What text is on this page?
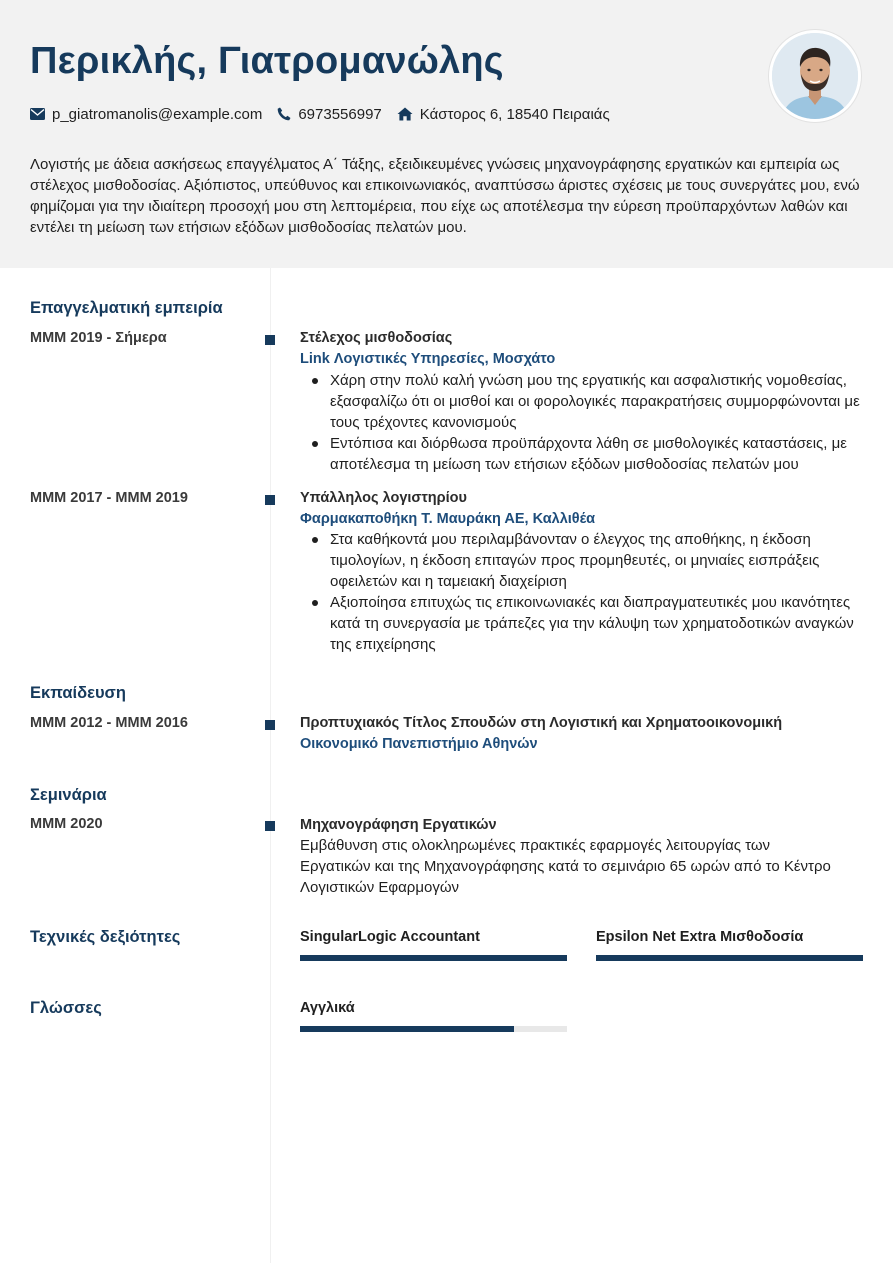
Περικλής, Γιατρομανώλης
p_giatromanolis@example.com 6973556997	Κάστορος 6, 18540 Πειραιάς
Λογιστής με άδεια ασκήσεως επαγγέλματος Α΄ Τάξης, εξειδικευμένες γνώσεις μηχανογράφησης εργατικών και εμπειρία ως στέλεχος μισθοδοσίας. Αξιόπιστος, υπεύθυνος και επικοινωνιακός, αναπτύσσω άριστες σχέσεις με τους συνεργάτες μου, ενώ φημίζομαι για την ιδιαίτερη προσοχή μου στη λεπτομέρεια, που είχε ως αποτέλεσμα την εύρεση προϋπαρχόντων λαθών και εντέλει τη μείωση των ετήσιων εξόδων μισθοδοσίας πελατών μου.
Επαγγελματική εμπειρία
ΜΜΜ 2019 - Σήμερα	Στέλεχος μισθοδοσίας
Link Λογιστικές Υπηρεσίες, Μοσχάτο
Χάρη στην πολύ καλή γνώση μου της εργατικής και ασφαλιστικής νομοθεσίας, εξασφαλίζω ότι οι μισθοί και οι φορολογικές παρακρατήσεις συμμορφώνονται με τους τρέχοντες κανονισμούς
Εντόπισα και διόρθωσα προϋπάρχοντα λάθη σε μισθολογικές καταστάσεις, με αποτέλεσμα τη μείωση των ετήσιων εξόδων μισθοδοσίας πελατών μου
ΜΜΜ 2017 - ΜΜΜ 2019	Υπάλληλος λογιστηρίου
Φαρμακαποθήκη Τ. Μαυράκη ΑΕ, Καλλιθέα
Στα καθήκοντά μου περιλαμβάνονταν ο έλεγχος της αποθήκης, η έκδοση τιμολογίων, η έκδοση επιταγών προς προμηθευτές, οι μηνιαίες εισπράξεις οφειλετών και η ταμειακή διαχείριση
Αξιοποίησα επιτυχώς τις επικοινωνιακές και διαπραγματευτικές μου ικανότητες κατά τη συνεργασία με τράπεζες για την κάλυψη των χρηματοδοτικών αναγκών της επιχείρησης
Εκπαίδευση
ΜΜΜ 2012 - ΜΜΜ 2016	Προπτυχιακός Τίτλος Σπουδών στη Λογιστική και Χρηματοοικονομική
Οικονομικό Πανεπιστήμιο Αθηνών
Σεμινάρια
ΜΜΜ 2020	Μηχανογράφηση Εργατικών
Εμβάθυνση στις ολοκληρωμένες πρακτικές εφαρμογές λειτουργίας των Εργατικών και της Μηχανογράφησης κατά το σεμινάριο 65 ωρών από το Κέντρο Λογιστικών Εφαρμογών
Τεχνικές δεξιότητες	SingularLogic Accountant	Epsilon Net Extra Μισθοδοσία
Γλώσσες	Αγγλικά
